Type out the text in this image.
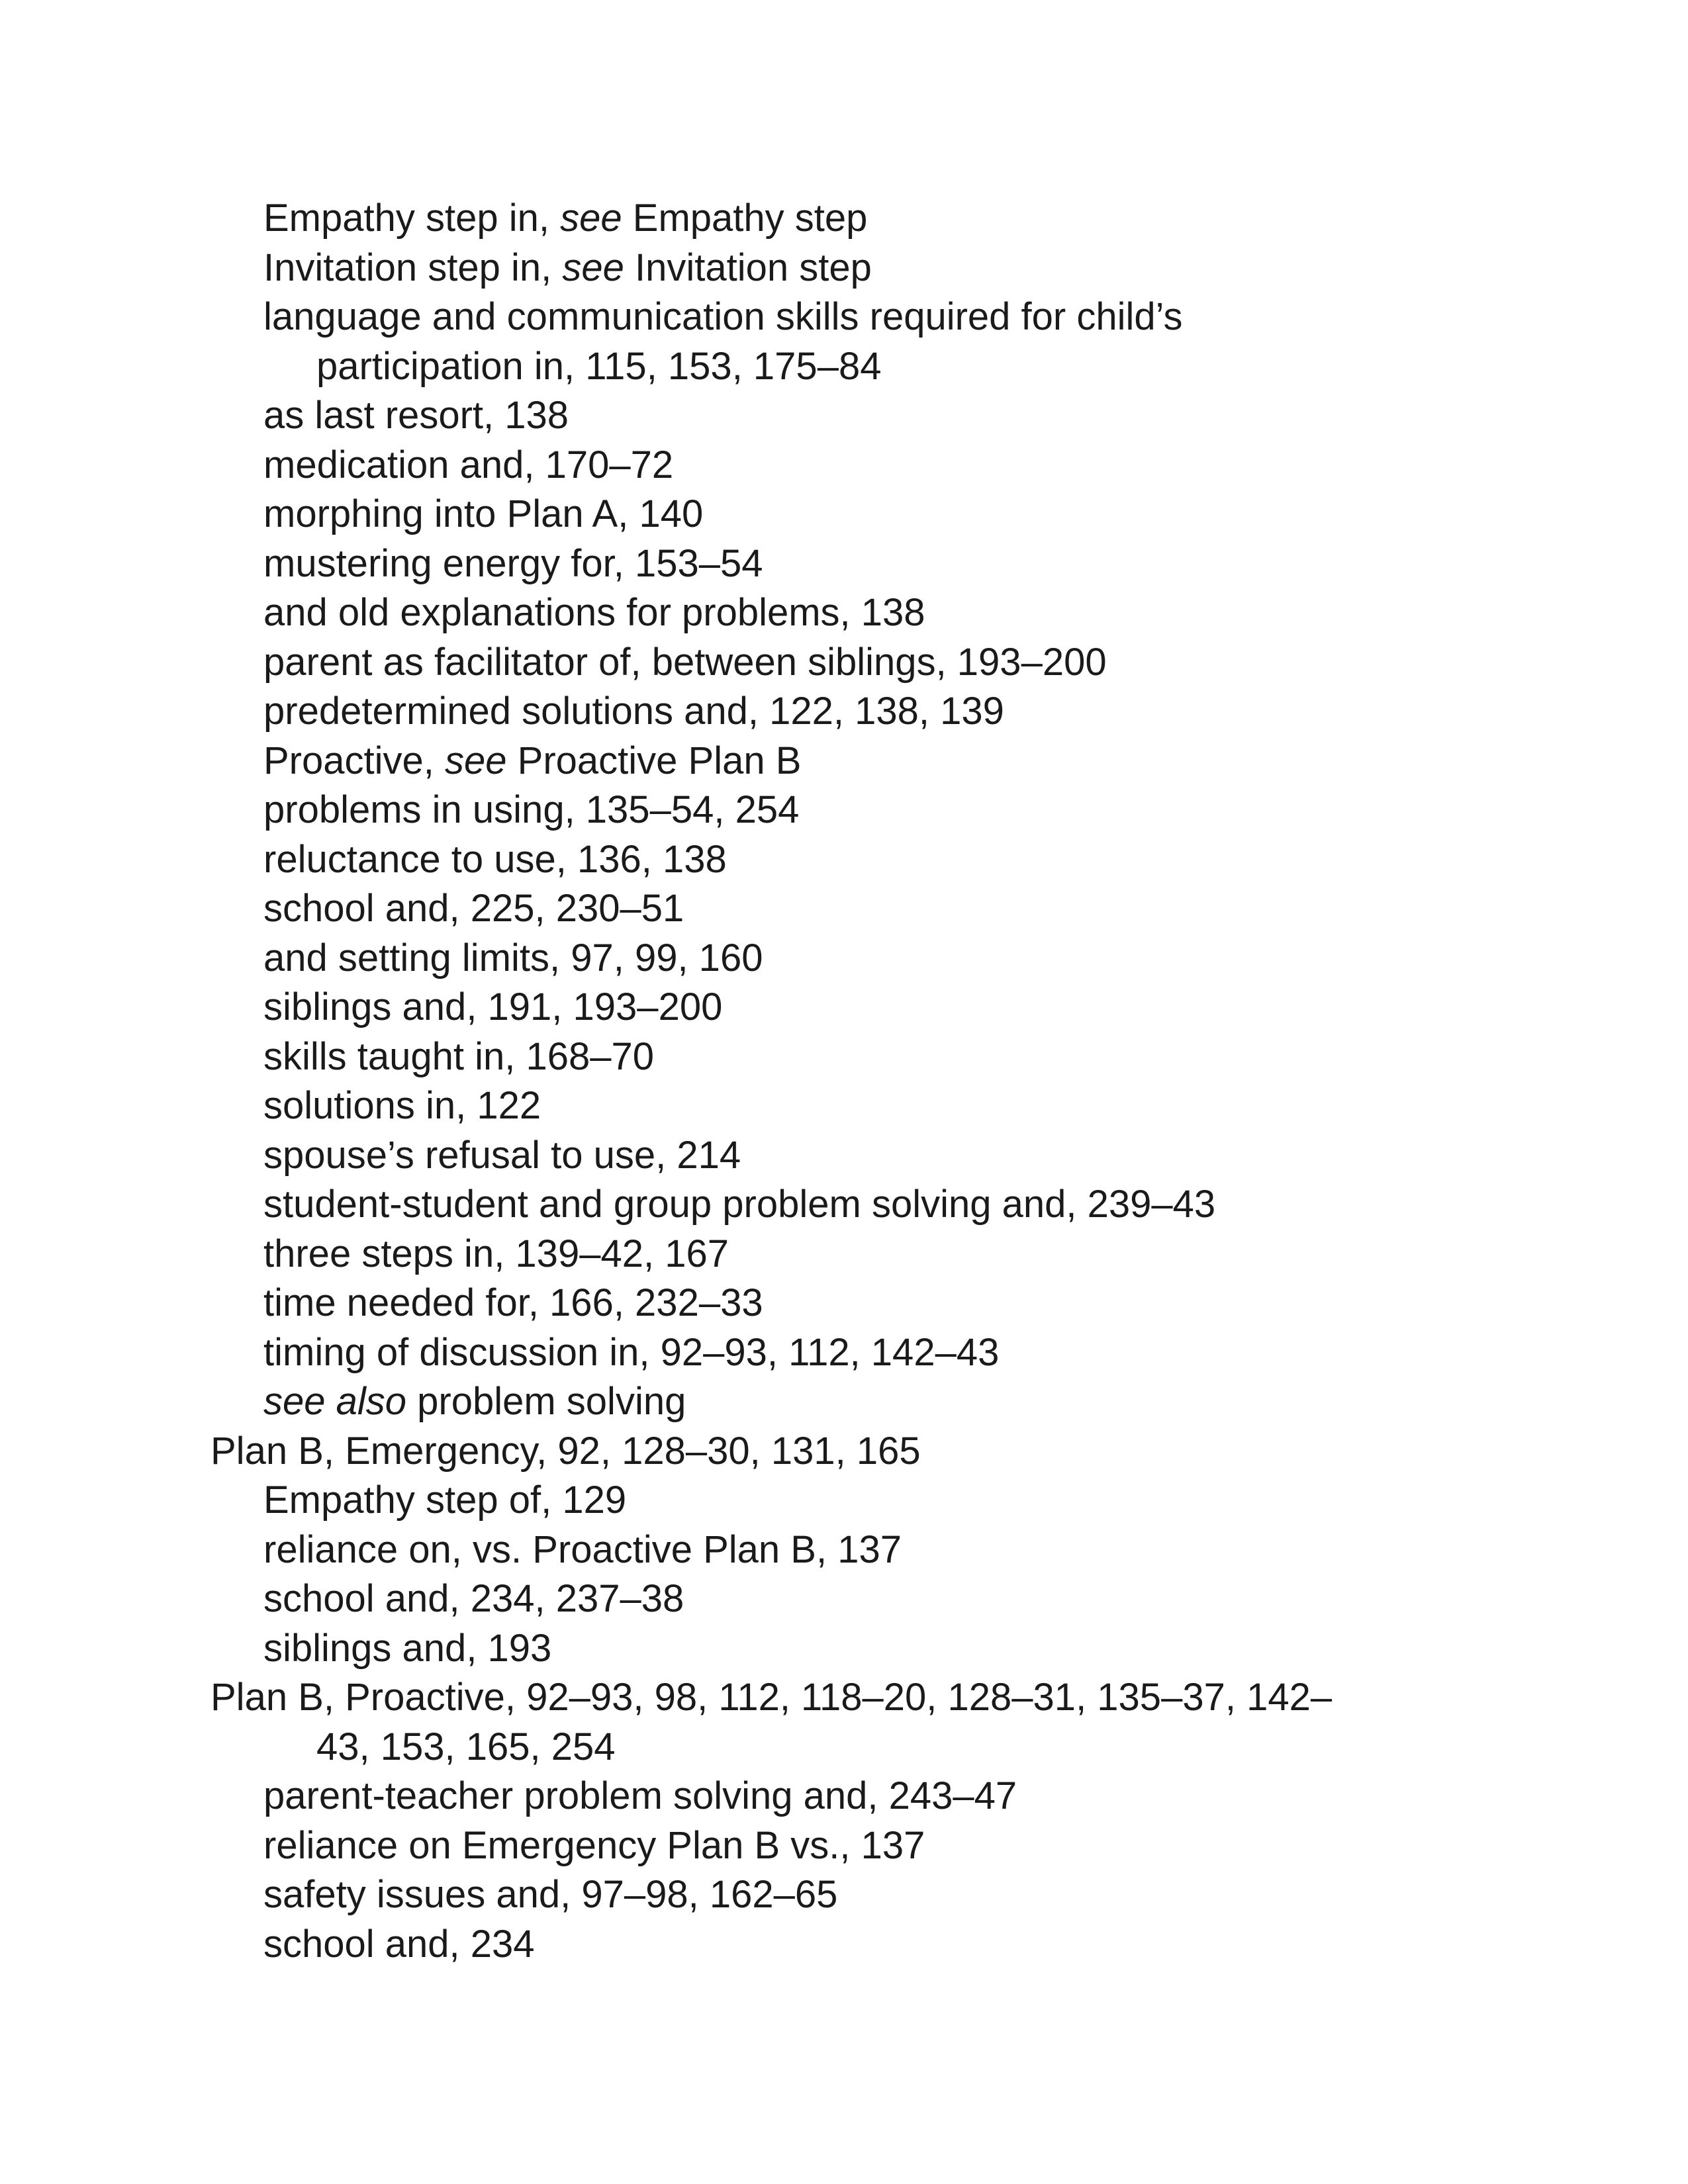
Empathy step in, see Empathy step
Invitation step in, see Invitation step
language and communication skills required for child’s
participation in, 115, 153, 175–84
as last resort, 138
medication and, 170–72
morphing into Plan A, 140
mustering energy for, 153–54
and old explanations for problems, 138
parent as facilitator of, between siblings, 193–200
predetermined solutions and, 122, 138, 139
Proactive, see Proactive Plan B
problems in using, 135–54, 254
reluctance to use, 136, 138
school and, 225, 230–51
and setting limits, 97, 99, 160
siblings and, 191, 193–200
skills taught in, 168–70
solutions in, 122
spouse’s refusal to use, 214
student-student and group problem solving and, 239–43
three steps in, 139–42, 167
time needed for, 166, 232–33
timing of discussion in, 92–93, 112, 142–43
see also problem solving
Plan B, Emergency, 92, 128–30, 131, 165
Empathy step of, 129
reliance on, vs. Proactive Plan B, 137
school and, 234, 237–38
siblings and, 193
Plan B, Proactive, 92–93, 98, 112, 118–20, 128–31, 135–37, 142–
43, 153, 165, 254
parent-teacher problem solving and, 243–47
reliance on Emergency Plan B vs., 137
safety issues and, 97–98, 162–65
school and, 234
